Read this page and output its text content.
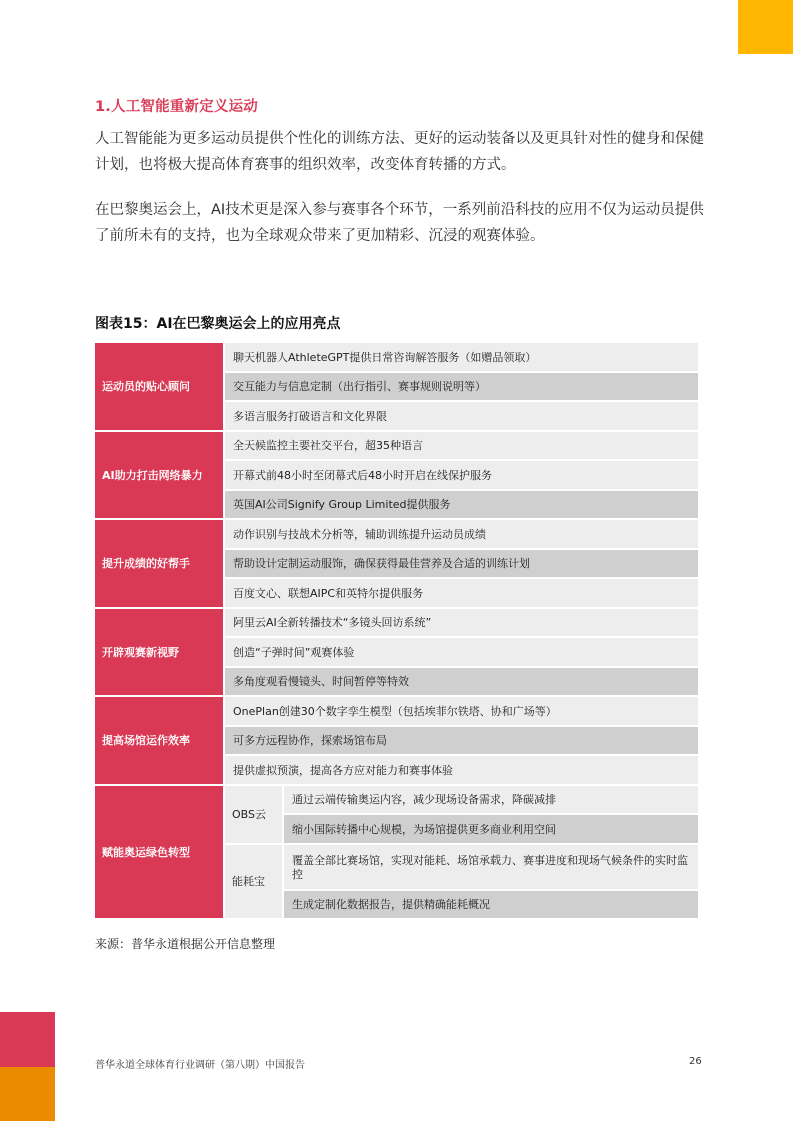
1.人工智能重新定义运动
人工智能能为更多运动员提供个性化的训练方法、更好的运动装备以及更具针对性的健身和保健计划，也将极大提高体育赛事的组织效率，改变体育转播的方式。
在巴黎奥运会上，AI技术更是深入参与赛事各个环节，一系列前沿科技的应用不仅为运动员提供了前所未有的支持，也为全球观众带来了更加精彩、沉浸的观赛体验。
图表15：AI在巴黎奥运会上的应用亮点
运动员的贴心顾问
聊天机器人AthleteGPT提供日常咨询解答服务（如赠品领取）
交互能力与信息定制（出行指引、赛事规则说明等）
多语言服务打破语言和文化界限
AI助力打击网络暴力
全天候监控主要社交平台，超35种语言
开幕式前48小时至闭幕式后48小时开启在线保护服务
英国AI公司Signify Group Limited提供服务
提升成绩的好帮手
动作识别与技战术分析等，辅助训练提升运动员成绩
帮助设计定制运动服饰，确保获得最佳营养及合适的训练计划
百度文心、联想AIPC和英特尔提供服务
开辟观赛新视野
阿里云AI全新转播技术“多镜头回访系统”
创造“子弹时间”观赛体验
多角度观看慢镜头、时间暂停等特效
提高场馆运作效率
OnePlan创建30个数字孪生模型（包括埃菲尔铁塔、协和广场等）
可多方远程协作，探索场馆布局
提供虚拟预演，提高各方应对能力和赛事体验
赋能奥运绿色转型
OBS云
通过云端传输奥运内容，减少现场设备需求，降碳减排
缩小国际转播中心规模，为场馆提供更多商业利用空间
能耗宝
覆盖全部比赛场馆，实现对能耗、场馆承载力、赛事进度和现场气候条件的实时监控
生成定制化数据报告，提供精确能耗概况
来源：普华永道根据公开信息整理
普华永道全球体育行业调研（第八期）中国报告	26
